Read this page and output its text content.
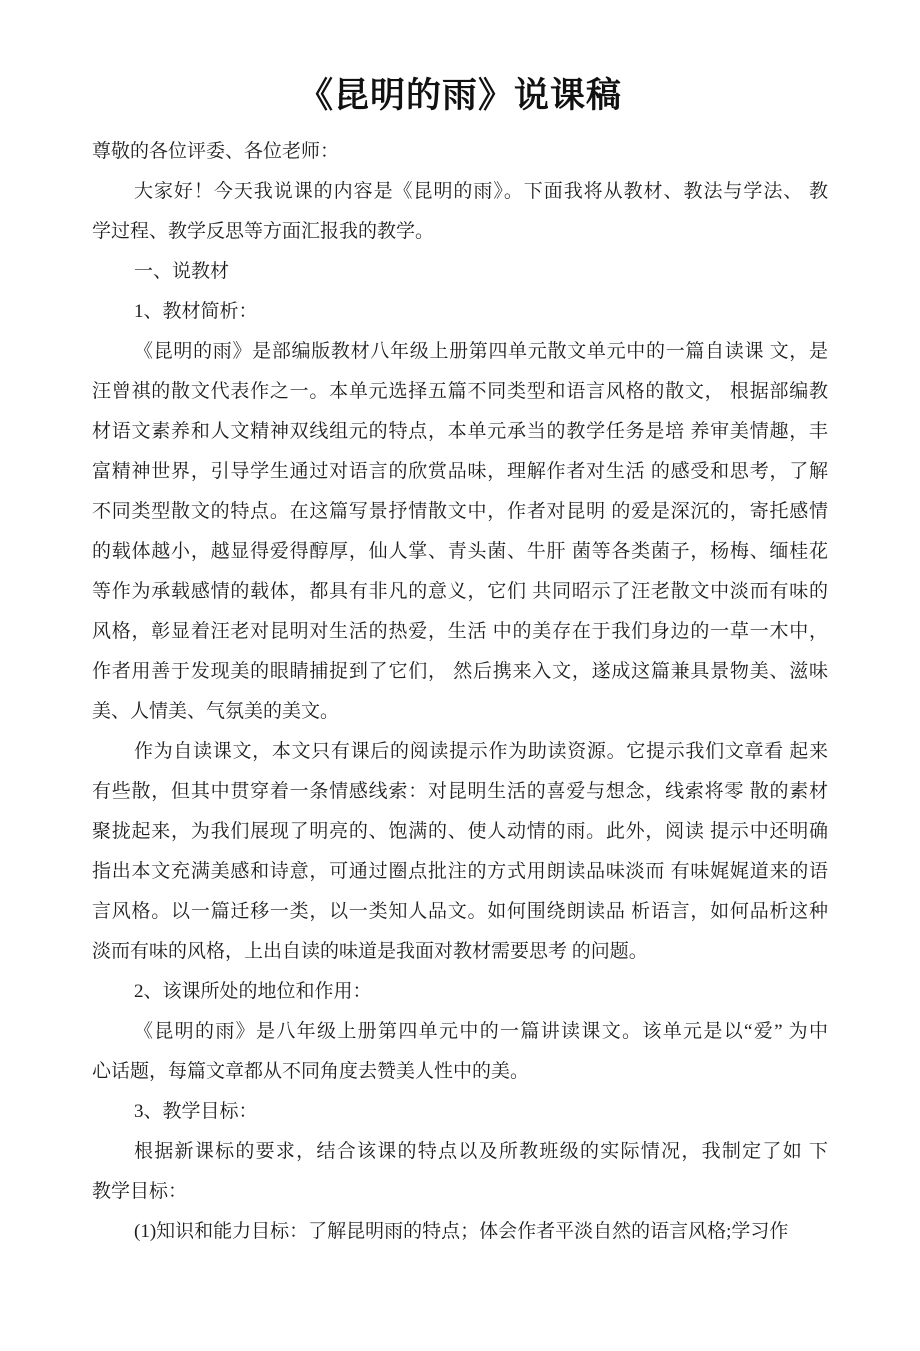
《昆明的雨》说课稿
尊敬的各位评委、各位老师：
大家好！今天我说课的内容是《昆明的雨》。下面我将从教材、教法与学法、 教
学过程、教学反思等方面汇报我的教学。
一、说教材
1、教材简析：
《昆明的雨》是部编版教材八年级上册第四单元散文单元中的一篇自读课 文，是
汪曾祺的散文代表作之一。本单元选择五篇不同类型和语言风格的散文， 根据部编教
材语文素养和人文精神双线组元的特点，本单元承当的教学任务是培 养审美情趣，丰
富精神世界，引导学生通过对语言的欣赏品味，理解作者对生活 的感受和思考，了解
不同类型散文的特点。在这篇写景抒情散文中，作者对昆明 的爱是深沉的，寄托感情
的载体越小，越显得爱得醇厚，仙人掌、青头菌、牛肝 菌等各类菌子，杨梅、缅桂花
等作为承载感情的载体，都具有非凡的意义，它们 共同昭示了汪老散文中淡而有味的
风格，彰显着汪老对昆明对生活的热爱，生活 中的美存在于我们身边的一草一木中，
作者用善于发现美的眼睛捕捉到了它们， 然后携来入文，遂成这篇兼具景物美、滋味
美、人情美、气氛美的美文。
作为自读课文，本文只有课后的阅读提示作为助读资源。它提示我们文章看 起来
有些散，但其中贯穿着一条情感线索：对昆明生活的喜爱与想念，线索将零 散的素材
聚拢起来，为我们展现了明亮的、饱满的、使人动情的雨。此外，阅读 提示中还明确
指出本文充满美感和诗意，可通过圈点批注的方式用朗读品味淡而 有味娓娓道来的语
言风格。以一篇迁移一类，以一类知人品文。如何围绕朗读品 析语言，如何品析这种
淡而有味的风格，上出自读的味道是我面对教材需要思考 的问题。
2、该课所处的地位和作用：
《昆明的雨》是八年级上册第四单元中的一篇讲读课文。该单元是以“爱” 为中
心话题，每篇文章都从不同角度去赞美人性中的美。
3、教学目标：
根据新课标的要求，结合该课的特点以及所教班级的实际情况，我制定了如 下
教学目标：
(1)知识和能力目标：了解昆明雨的特点；体会作者平淡自然的语言风格;学习作
